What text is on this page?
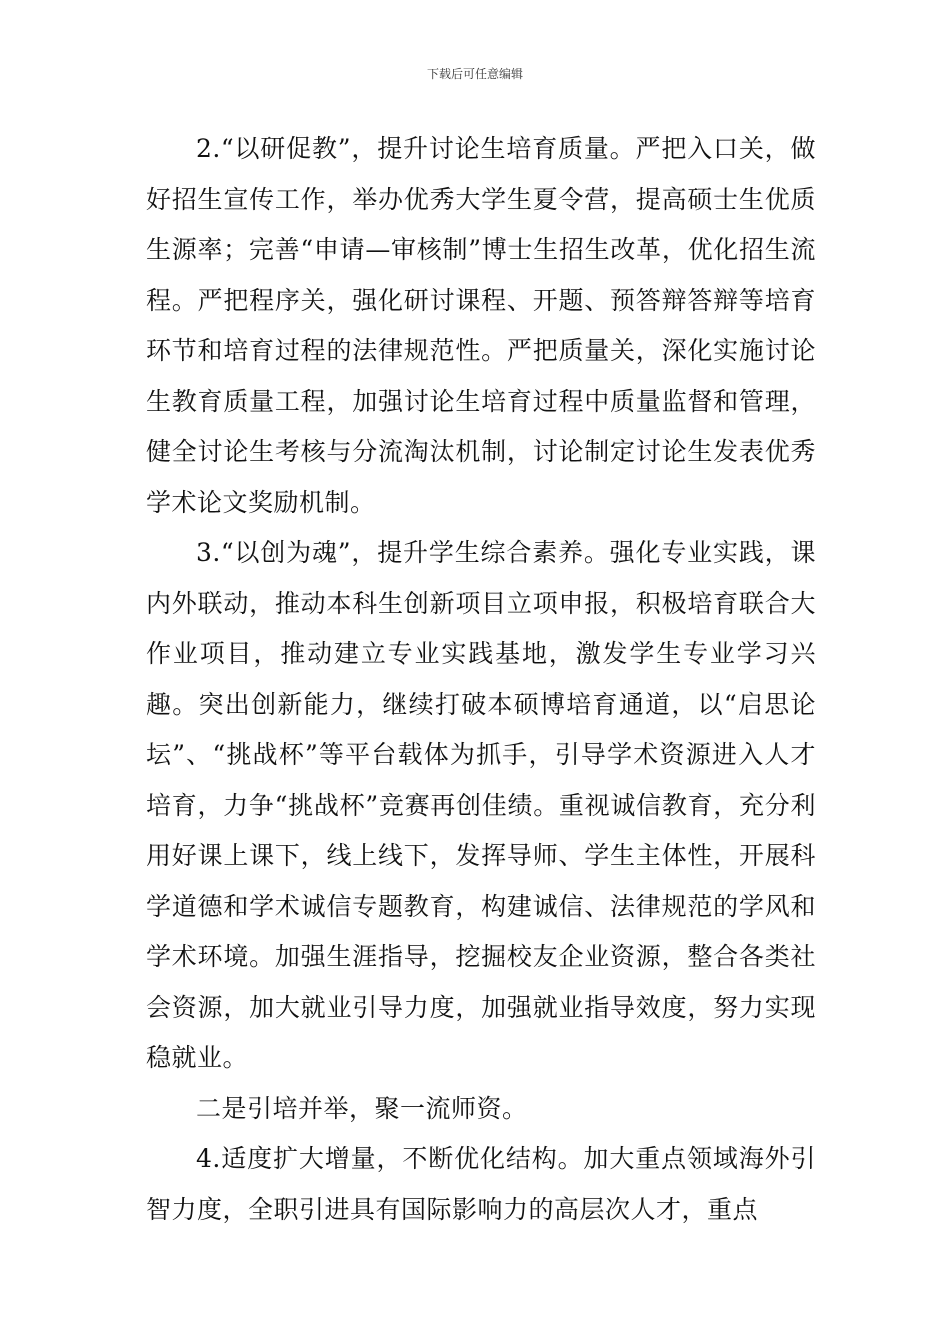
下载后可任意编辑

2.“以研促教”，提升讨论生培育质量。严把入口关，做好招生宣传工作，举办优秀大学生夏令营，提高硕士生优质生源率；完善“申请—审核制”博士生招生改革，优化招生流程。严把程序关，强化研讨课程、开题、预答辩答辩等培育环节和培育过程的法律规范性。严把质量关，深化实施讨论生教育质量工程，加强讨论生培育过程中质量监督和管理，健全讨论生考核与分流淘汰机制，讨论制定讨论生发表优秀学术论文奖励机制。

3.“以创为魂”，提升学生综合素养。强化专业实践，课内外联动，推动本科生创新项目立项申报，积极培育联合大作业项目，推动建立专业实践基地，激发学生专业学习兴趣。突出创新能力，继续打破本硕博培育通道，以“启思论坛”、“挑战杯”等平台载体为抓手，引导学术资源进入人才培育，力争“挑战杯”竞赛再创佳绩。重视诚信教育，充分利用好课上课下，线上线下，发挥导师、学生主体性，开展科学道德和学术诚信专题教育，构建诚信、法律规范的学风和学术环境。加强生涯指导，挖掘校友企业资源，整合各类社会资源，加大就业引导力度，加强就业指导效度，努力实现稳就业。

二是引培并举，聚一流师资。

4.适度扩大增量，不断优化结构。加大重点领域海外引智力度，全职引进具有国际影响力的高层次人才，重点
